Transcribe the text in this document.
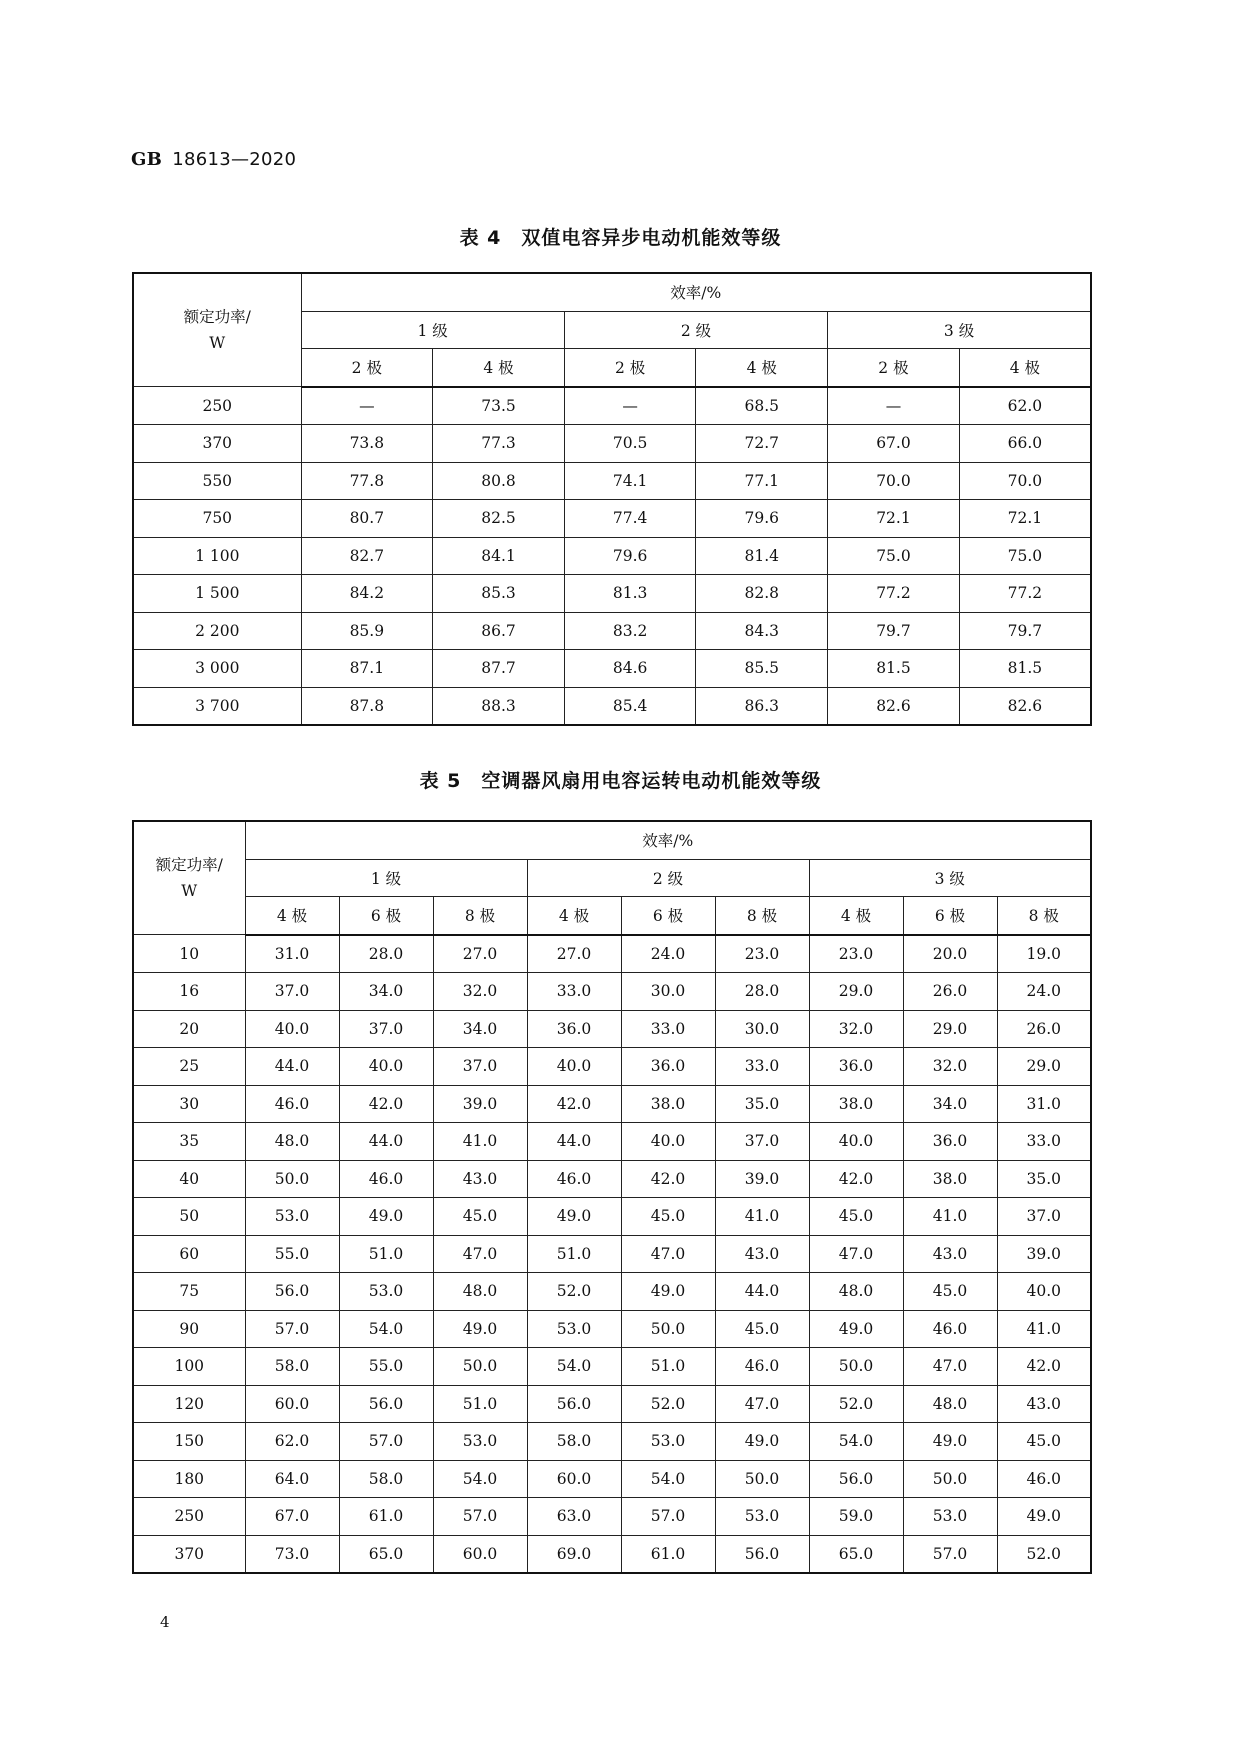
GB 18613—2020
表 4 双值电容异步电动机能效等级
额定功率/
W	效率/%					
	1 级		2 级		3 级	
	2 极	4 极	2 极	4 极	2 极	4 极
250	—	73.5	—	68.5	—	62.0
370	73.8	77.3	70.5	72.7	67.0	66.0
550	77.8	80.8	74.1	77.1	70.0	70.0
750	80.7	82.5	77.4	79.6	72.1	72.1
1 100	82.7	84.1	79.6	81.4	75.0	75.0
1 500	84.2	85.3	81.3	82.8	77.2	77.2
2 200	85.9	86.7	83.2	84.3	79.7	79.7
3 000	87.1	87.7	84.6	85.5	81.5	81.5
3 700	87.8	88.3	85.4	86.3	82.6	82.6
表 5 空调器风扇用电容运转电动机能效等级
额定功率/
W	效率/%								
	1 级			2 级			3 级		
	4 极	6 极	8 极	4 极	6 极	8 极	4 极	6 极	8 极
10	31.0	28.0	27.0	27.0	24.0	23.0	23.0	20.0	19.0
16	37.0	34.0	32.0	33.0	30.0	28.0	29.0	26.0	24.0
20	40.0	37.0	34.0	36.0	33.0	30.0	32.0	29.0	26.0
25	44.0	40.0	37.0	40.0	36.0	33.0	36.0	32.0	29.0
30	46.0	42.0	39.0	42.0	38.0	35.0	38.0	34.0	31.0
35	48.0	44.0	41.0	44.0	40.0	37.0	40.0	36.0	33.0
40	50.0	46.0	43.0	46.0	42.0	39.0	42.0	38.0	35.0
50	53.0	49.0	45.0	49.0	45.0	41.0	45.0	41.0	37.0
60	55.0	51.0	47.0	51.0	47.0	43.0	47.0	43.0	39.0
75	56.0	53.0	48.0	52.0	49.0	44.0	48.0	45.0	40.0
90	57.0	54.0	49.0	53.0	50.0	45.0	49.0	46.0	41.0
100	58.0	55.0	50.0	54.0	51.0	46.0	50.0	47.0	42.0
120	60.0	56.0	51.0	56.0	52.0	47.0	52.0	48.0	43.0
150	62.0	57.0	53.0	58.0	53.0	49.0	54.0	49.0	45.0
180	64.0	58.0	54.0	60.0	54.0	50.0	56.0	50.0	46.0
250	67.0	61.0	57.0	63.0	57.0	53.0	59.0	53.0	49.0
370	73.0	65.0	60.0	69.0	61.0	56.0	65.0	57.0	52.0
4
